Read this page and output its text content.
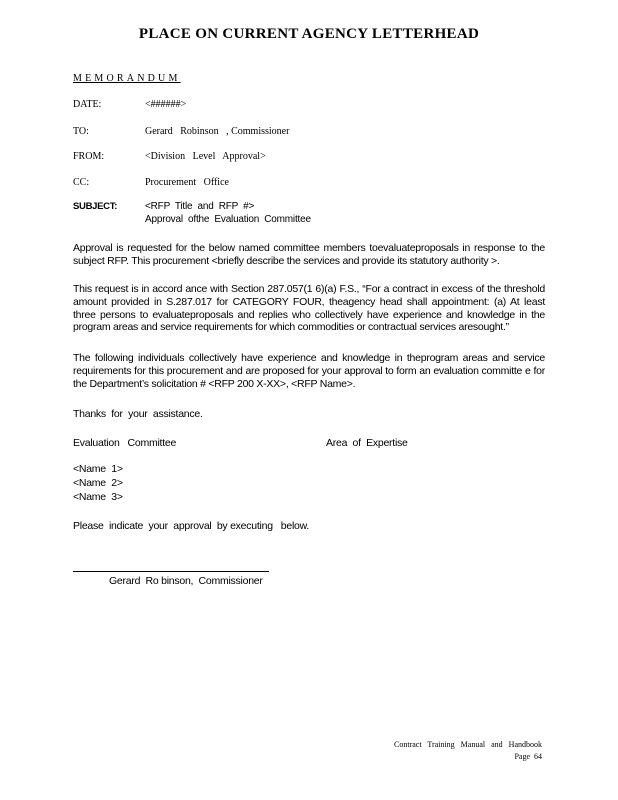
PLACE ON CURRENT AGENCY LETTERHEAD
MEMORANDUM
DATE:	<######>
TO:	Gerard   Robinson   , Commissioner
FROM:	<Division   Level   Approval>
CC:	Procurement   Office
SUBJECT:	<RFP  Title  and  RFP  #>
Approval  ofthe  Evaluation  Committee
Approval is requested for the below named committee members toevaluateproposals in response to the subject RFP. This procurement <briefly describe the services and provide its statutory authority >.
This request is in accord ance with Section 287.057(1 6)(a) F.S., “For a contract in excess of the threshold amount provided in S.287.017 for CATEGORY FOUR, theagency head shall appointment: (a) At least three persons to evaluateproposals and replies who collectively have experience and knowledge in the program areas and service requirements for which commodities or contractual services aresought.”
The following individuals collectively have experience and knowledge in theprogram areas and service requirements for this procurement and are proposed for your approval to form an evaluation committe e for the Department’s solicitation # <RFP 200 X-XX>, <RFP Name>.
Thanks  for  your  assistance.
Evaluation   Committee	Area  of  Expertise
<Name  1>
<Name  2>
<Name  3>
Please  indicate  your  approval  by executing   below.
Gerard  Ro binson,  Commissioner
Contract   Training   Manual   and   Handbook
Page  64
